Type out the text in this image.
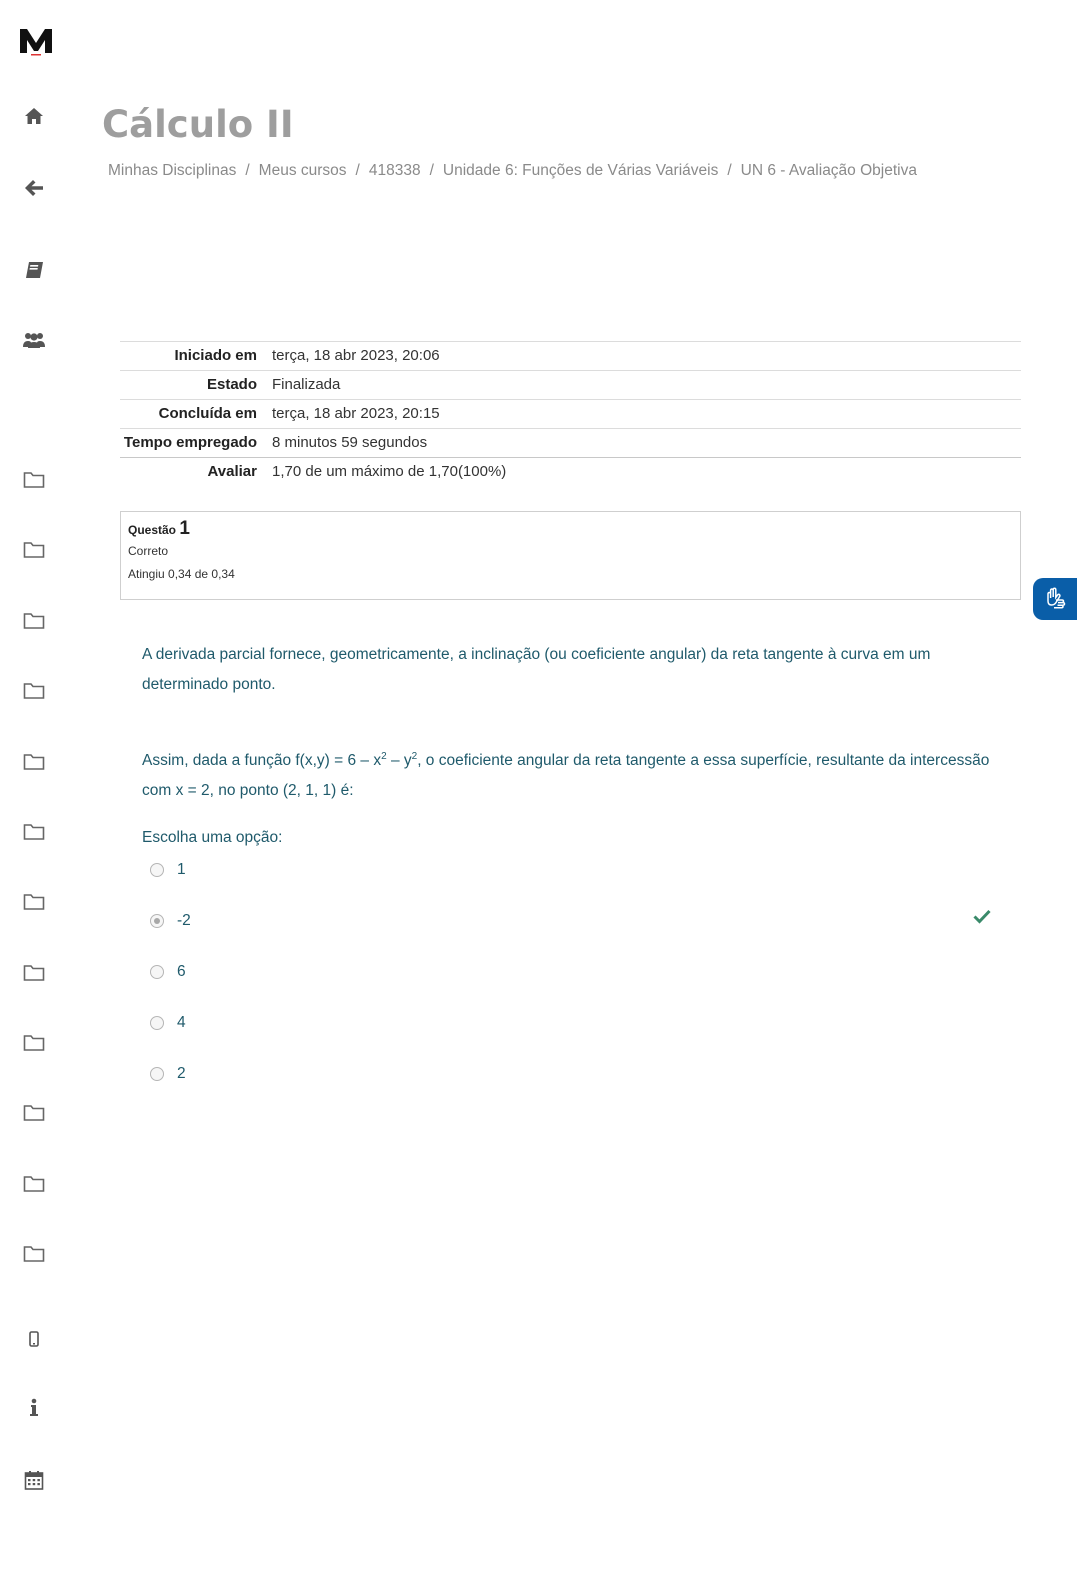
Cálculo II
Minhas Disciplinas / Meus cursos / 418338 / Unidade 6: Funções de Várias Variáveis / UN 6 - Avaliação Objetiva
Iniciado em	terça, 18 abr 2023, 20:06
Estado	Finalizada
Concluída em	terça, 18 abr 2023, 20:15
Tempo empregado	8 minutos 59 segundos
Avaliar	1,70 de um máximo de 1,70(100%)
Questão 1
Correto
Atingiu 0,34 de 0,34

A derivada parcial fornece, geometricamente, a inclinação (ou coeficiente angular) da reta tangente à curva em um determinado ponto.

Assim, dada a função $f(x,y) = 6 - x^2 - y^2$, o coeficiente angular da reta tangente a essa superfície, resultante da intercessão com x = 2, no ponto (2, 1, 1) é:

Escolha uma opção:
1
-2
6
4
2
